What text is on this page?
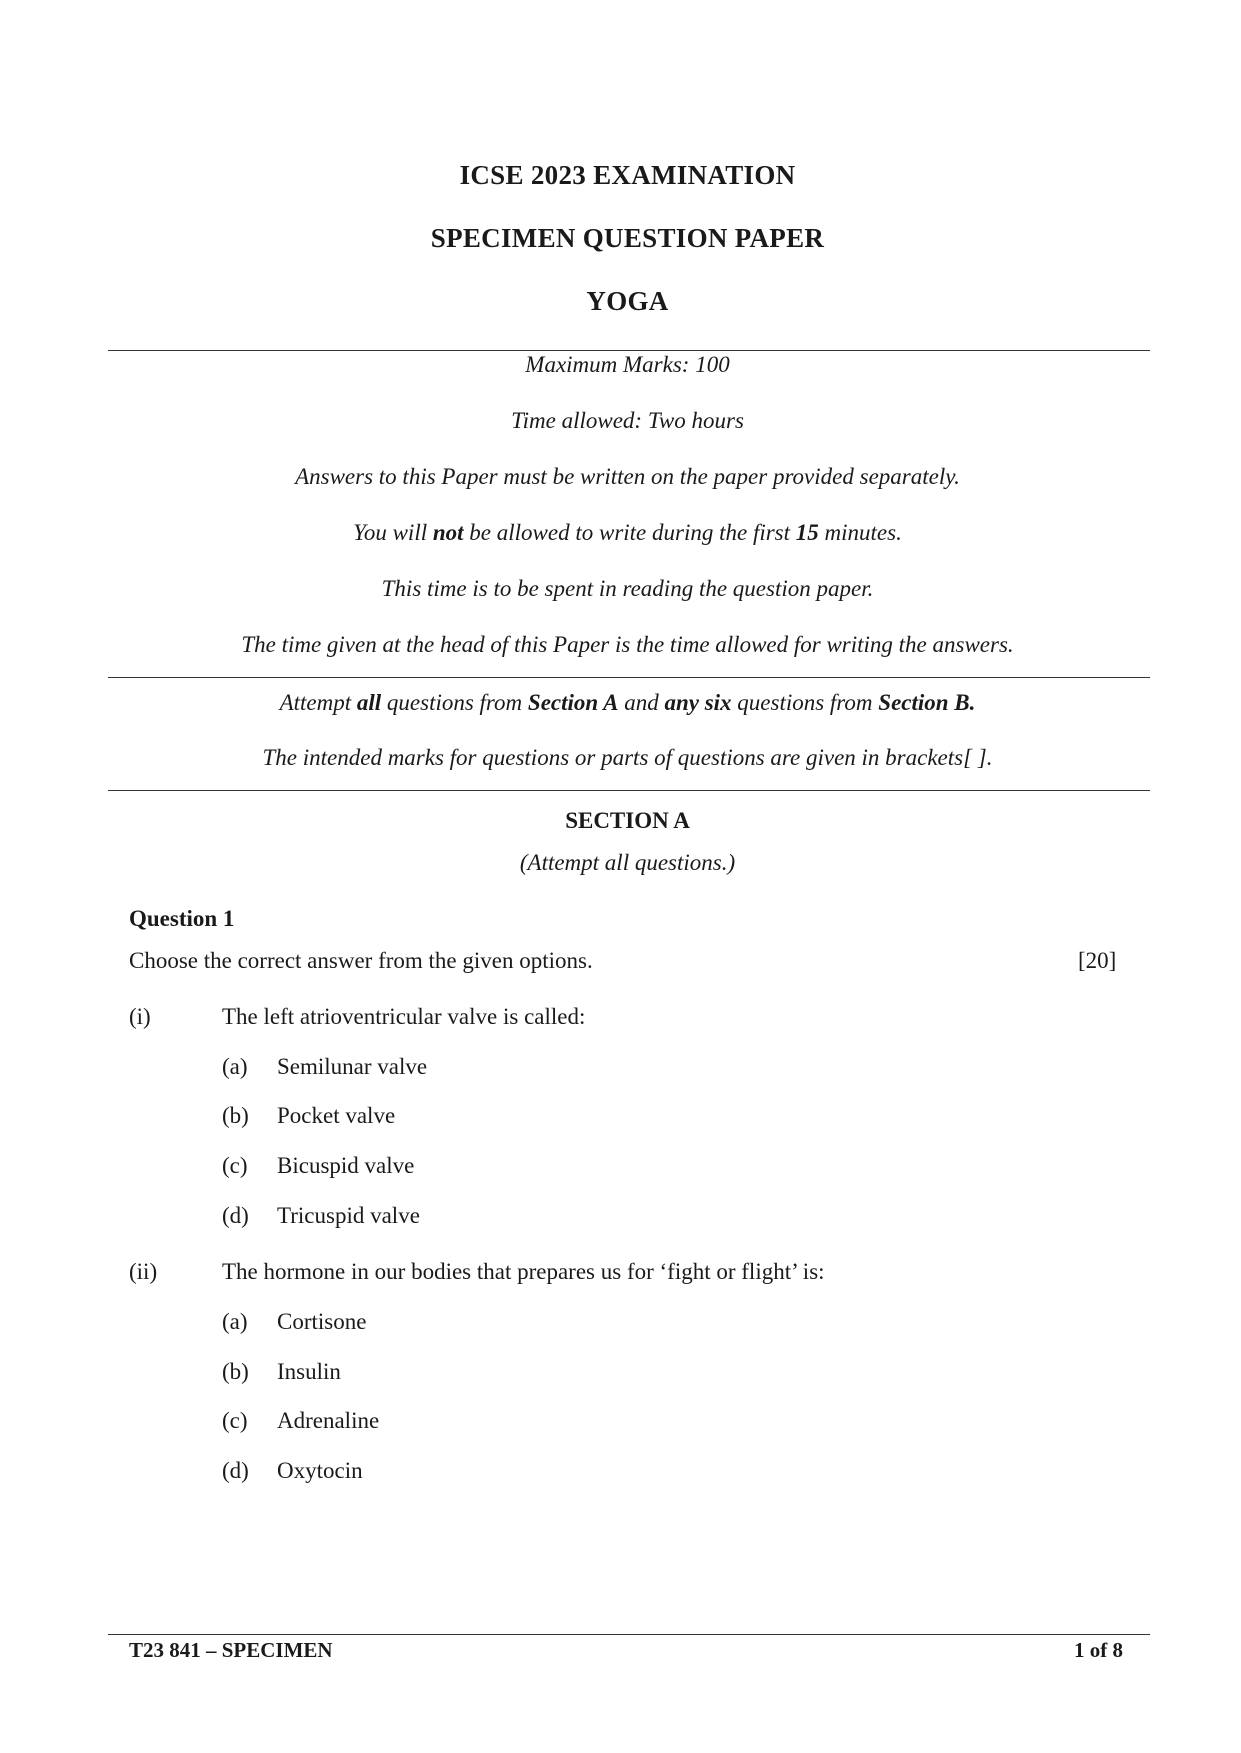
ICSE 2023 EXAMINATION
SPECIMEN QUESTION PAPER
YOGA
Maximum Marks: 100
Time allowed: Two hours
Answers to this Paper must be written on the paper provided separately.
You will not be allowed to write during the first 15 minutes.
This time is to be spent in reading the question paper.
The time given at the head of this Paper is the time allowed for writing the answers.
Attempt all questions from Section A and any six questions from Section B.
The intended marks for questions or parts of questions are given in brackets[ ].
SECTION A
(Attempt all questions.)
Question 1
Choose the correct answer from the given options.	[20]
(i)	The left atrioventricular valve is called:
(a) Semilunar valve
(b) Pocket valve
(c) Bicuspid valve
(d) Tricuspid valve
(ii)	The hormone in our bodies that prepares us for ‘fight or flight’ is:
(a) Cortisone
(b) Insulin
(c) Adrenaline
(d) Oxytocin
T23 841 – SPECIMEN	1 of 8
